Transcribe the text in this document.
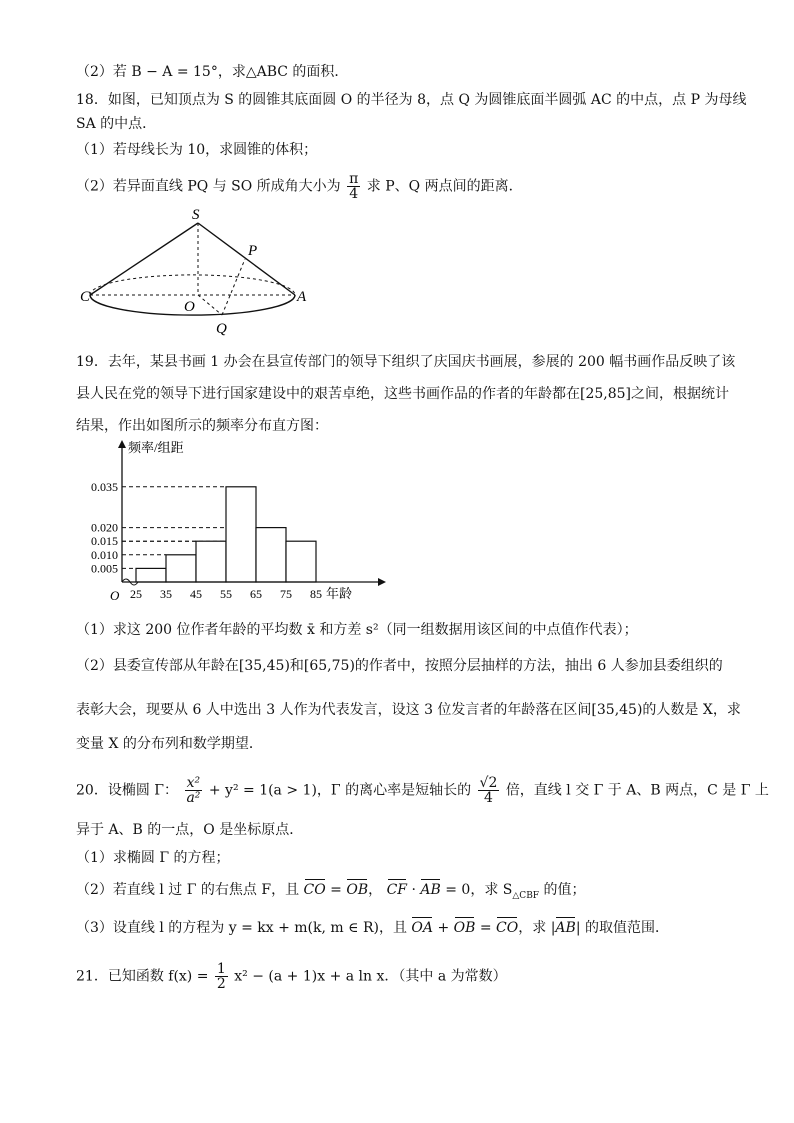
（2）若 B − A = 15°，求△ABC 的面积．
18．如图，已知顶点为 S 的圆锥其底面圆 O 的半径为 8，点 Q 为圆锥底面半圆弧 AC 的中点，点 P 为母线
SA 的中点．
（1）若母线长为 10，求圆锥的体积；
（2）若异面直线 PQ 与 SO 所成角大小为 $\frac{\pi}{4}$ 求 P、Q 两点间的距离．
S
P
C
O
A
Q
19．去年，某县书画 1 办会在县宣传部门的领导下组织了庆国庆书画展，参展的 200 幅书画作品反映了该
县人民在党的领导下进行国家建设中的艰苦卓绝，这些书画作品的作者的年龄都在[25,85]之间，根据统计
结果，作出如图所示的频率分布直方图：
0.005
0.010
0.015
0.020
0.035
25 35 45 55 65 75 85 年龄
频率/组距
O
（1）求这 200 位作者年龄的平均数 x̄ 和方差 s²（同一组数据用该区间的中点值作代表）；
（2）县委宣传部从年龄在[35,45)和[65,75)的作者中，按照分层抽样的方法，抽出 6 人参加县委组织的
表彰大会，现要从 6 人中选出 3 人作为代表发言，设这 3 位发言者的年龄落在区间[35,45)的人数是 X，求
变量 X 的分布列和数学期望．
20．设椭圆 Γ： $\frac{\text{x²}}{\text{a²}} + y^2 = 1(a > 1)$，Γ 的离心率是短轴长的 $\frac{√2}{4}$ 倍，直线 l 交 Γ 于 A、B 两点，C 是 Γ 上
异于 A、B 的一点，O 是坐标原点．
（1）求椭圆 Γ 的方程；
（2）若直线 l 过 Γ 的右焦点 F，且 CO = OB， CF · AB = 0，求 $S_{\triangle CBF}$ 的值；
（3）设直线 l 的方程为 y = kx + m(k, m ∈ R)，且 OA + OB = CO，求 |AB| 的取值范围．
21．已知函数 $f(x) = \frac{1}{2} x^2 - (a + 1)x + a$ ln x．（其中 a 为常数）
